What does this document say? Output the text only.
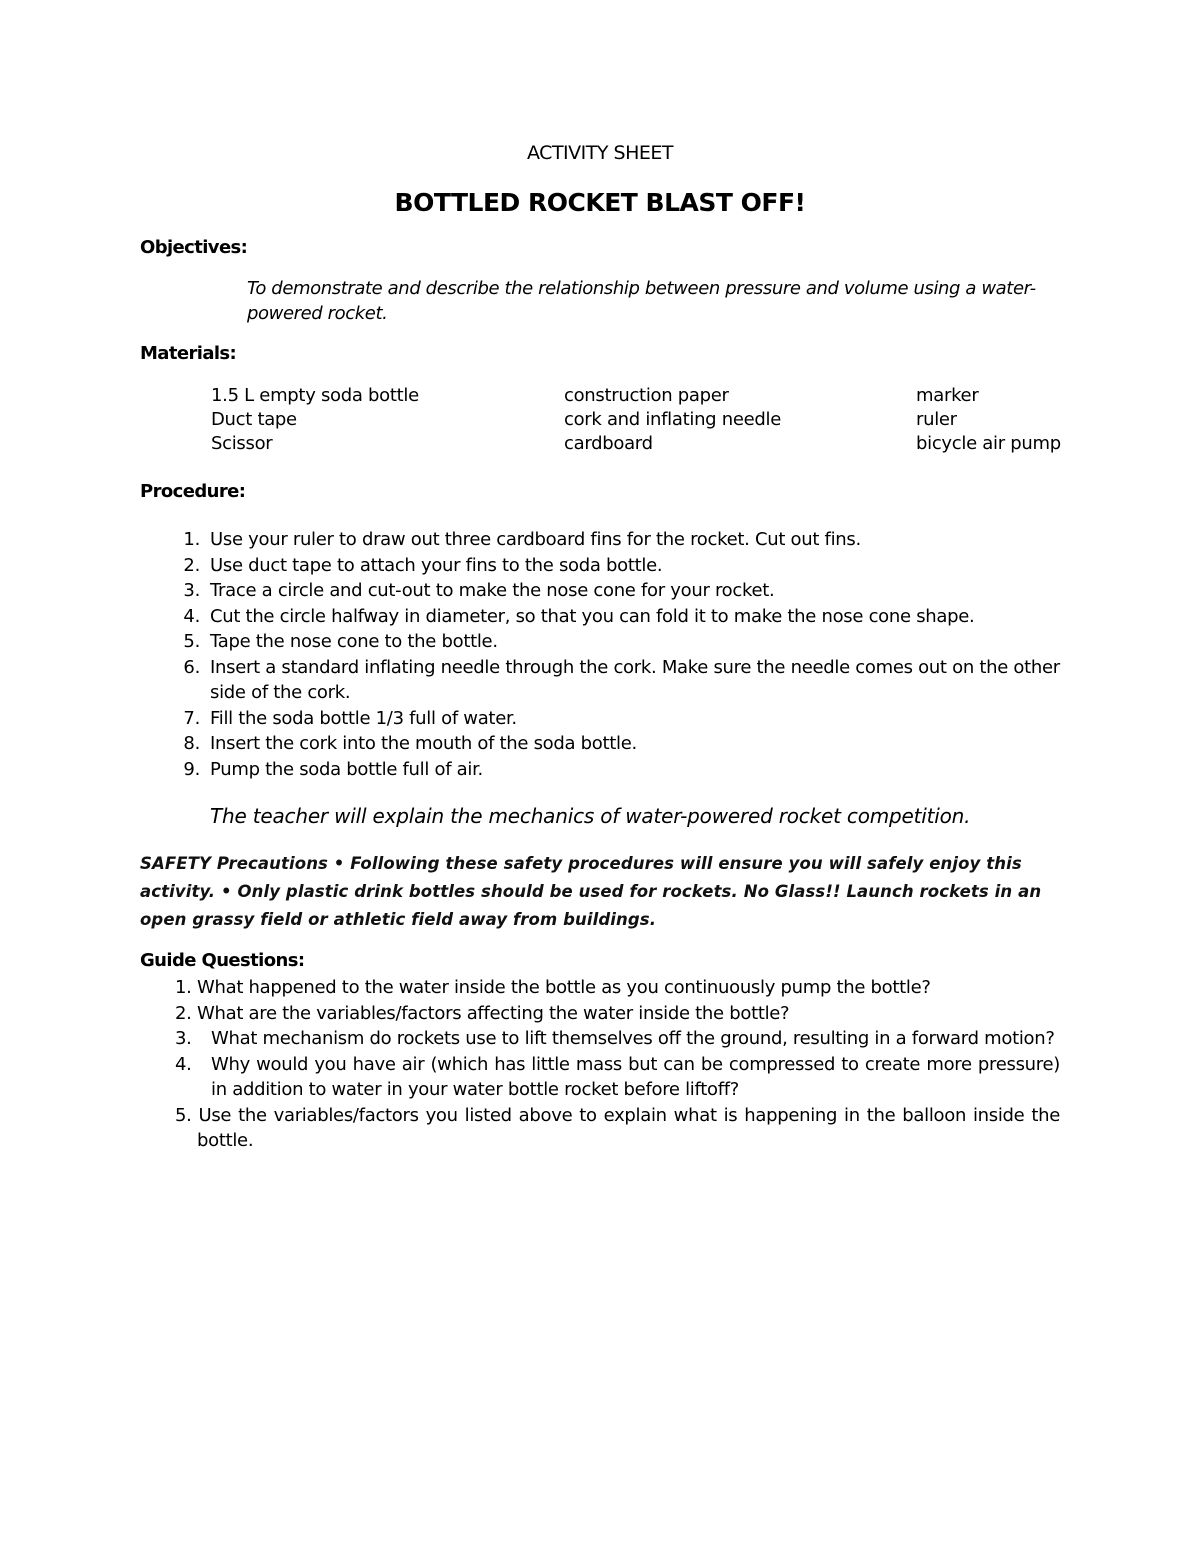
ACTIVITY SHEET
BOTTLED ROCKET BLAST OFF!
Objectives:
To demonstrate and describe the relationship between pressure and volume using a water-powered rocket.
Materials:
1.5 L empty soda bottle
Duct tape
Scissor
construction paper
cork and inflating needle
cardboard
marker
ruler
bicycle air pump
Procedure:
1. Use your ruler to draw out three cardboard fins for the rocket. Cut out fins.
2. Use duct tape to attach your fins to the soda bottle.
3. Trace a circle and cut-out to make the nose cone for your rocket.
4. Cut the circle halfway in diameter, so that you can fold it to make the nose cone shape.
5. Tape the nose cone to the bottle.
6. Insert a standard inflating needle through the cork. Make sure the needle comes out on the other side of the cork.
7. Fill the soda bottle 1/3 full of water.
8. Insert the cork into the mouth of the soda bottle.
9. Pump the soda bottle full of air.
The teacher will explain the mechanics of water-powered rocket competition.
SAFETY Precautions • Following these safety procedures will ensure you will safely enjoy this activity. • Only plastic drink bottles should be used for rockets. No Glass!! Launch rockets in an open grassy field or athletic field away from buildings.
Guide Questions:
1. What happened to the water inside the bottle as you continuously pump the bottle?
2. What are the variables/factors affecting the water inside the bottle?
3. What mechanism do rockets use to lift themselves off the ground, resulting in a forward motion?
4. Why would you have air (which has little mass but can be compressed to create more pressure) in addition to water in your water bottle rocket before liftoff?
5. Use the variables/factors you listed above to explain what is happening in the balloon inside the bottle.
